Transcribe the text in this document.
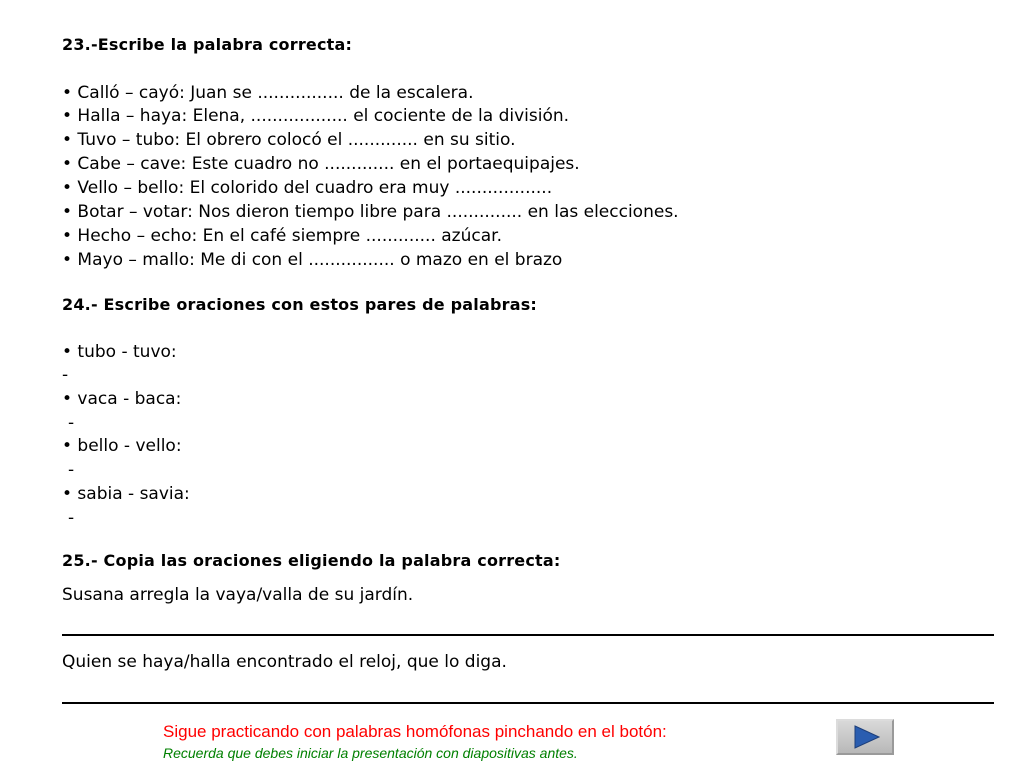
23.-Escribe la palabra correcta:
• Calló – cayó: Juan se ................ de la escalera.
• Halla – haya: Elena, .................. el cociente de la división.
• Tuvo – tubo: El obrero colocó el ............. en su sitio.
• Cabe – cave: Este cuadro no ............. en el portaequipajes.
• Vello – bello: El colorido del cuadro era muy ..................
• Botar – votar: Nos dieron tiempo libre para .............. en las elecciones.
• Hecho – echo: En el café siempre ............. azúcar.
• Mayo – mallo: Me di con el ................ o mazo en el brazo
24.- Escribe oraciones con estos pares de palabras:
• tubo - tuvo:
-
• vaca - baca:
-
• bello - vello:
-
• sabia - savia:
-
25.- Copia las oraciones eligiendo la palabra correcta:
Susana arregla la vaya/valla de su jardín.
Quien se haya/halla encontrado el reloj, que lo diga.
Sigue practicando con palabras homófonas pinchando en el botón:
Recuerda que debes iniciar la presentación con diapositivas antes.
